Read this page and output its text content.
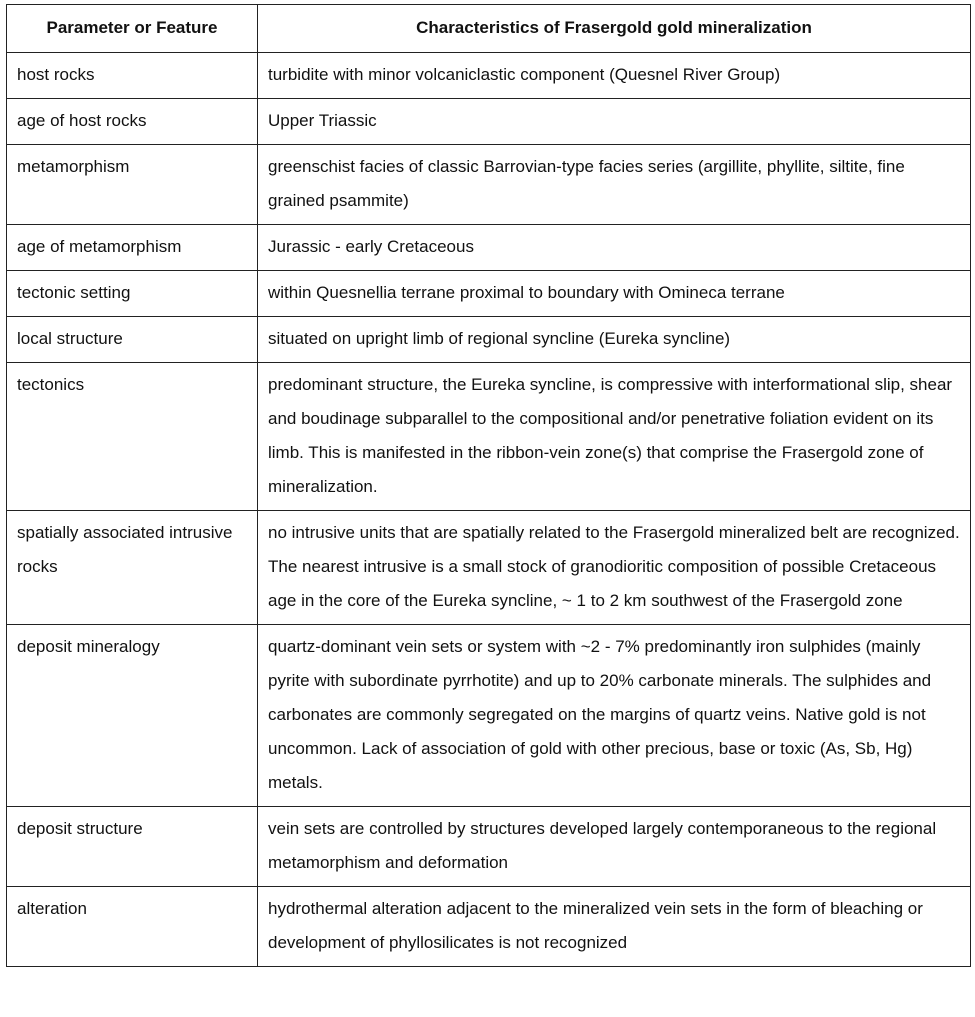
Parameter or Feature	Characteristics of Frasergold gold mineralization
host rocks	turbidite with minor volcaniclastic component (Quesnel River Group)
age of host rocks	Upper Triassic
metamorphism	greenschist facies of classic Barrovian-type facies series (argillite, phyllite, siltite, fine grained psammite)
age of metamorphism	Jurassic - early Cretaceous
tectonic setting	within Quesnellia terrane proximal to boundary with Omineca terrane
local structure	situated on upright limb of regional syncline (Eureka syncline)
tectonics	predominant structure, the Eureka syncline, is compressive with interformational slip, shear and boudinage subparallel to the compositional and/or penetrative foliation evident on its limb. This is manifested in the ribbon-vein zone(s) that comprise the Frasergold zone of mineralization.
spatially associated intrusive rocks	no intrusive units that are spatially related to the Frasergold mineralized belt are recognized. The nearest intrusive is a small stock of granodioritic composition of possible Cretaceous age in the core of the Eureka syncline, ~ 1 to 2 km southwest of the Frasergold zone
deposit mineralogy	quartz-dominant vein sets or system with ~2 - 7% predominantly iron sulphides (mainly pyrite with subordinate pyrrhotite) and up to 20% carbonate minerals. The sulphides and carbonates are commonly segregated on the margins of quartz veins. Native gold is not uncommon. Lack of association of gold with other precious, base or toxic (As, Sb, Hg) metals.
deposit structure	vein sets are controlled by structures developed largely contemporaneous to the regional metamorphism and deformation
alteration	hydrothermal alteration adjacent to the mineralized vein sets in the form of bleaching or development of phyllosilicates is not recognized
